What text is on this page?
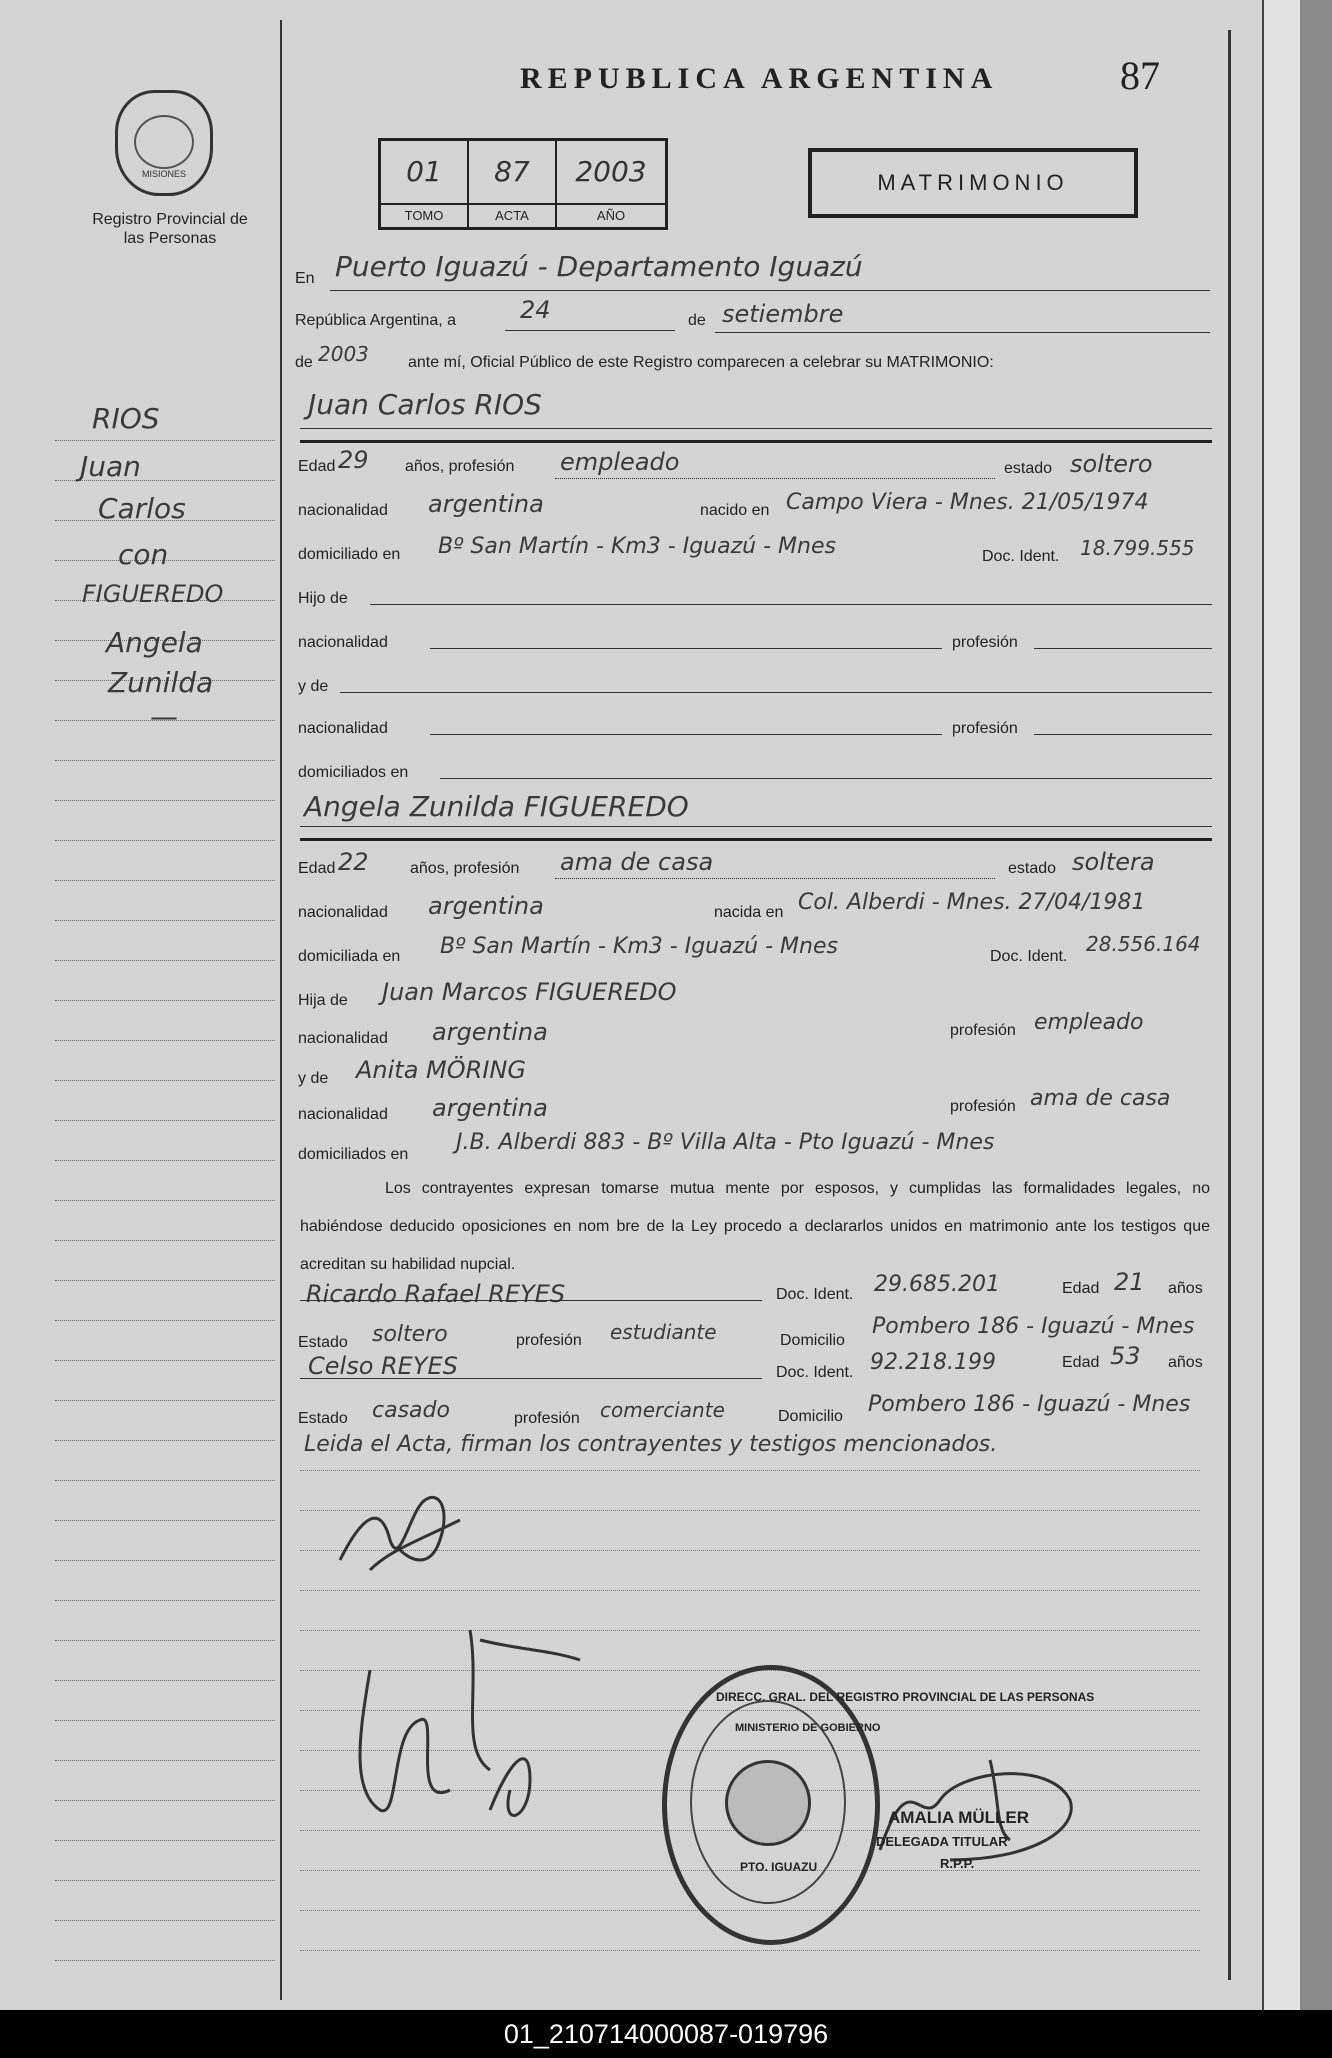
MISIONES
Registro Provincial de las Personas
REPUBLICA ARGENTINA	87
01
TOMO
87
ACTA
2003
AÑO
MATRIMONIO
RIOS
Juan
Carlos
con
FIGUEREDO
Angela
Zunilda
—
En Puerto Iguazú - Departamento Iguazú
República Argentina, a	24	de setiembre
de 2003 ante mí, Oficial Público de este Registro comparecen a celebrar su MATRIMONIO:
Juan Carlos RIOS
Edad 29 años, profesión empleado	estado soltero
nacionalidad argentina	nacido en Campo Viera - Mnes. 21/05/1974
domiciliado en Bº San Martín - Km3 - Iguazú - Mnes	Doc. Ident. 18.799.555
Hijo de
nacionalidad	profesión
y de
nacionalidad	profesión
domiciliados en
Angela Zunilda FIGUEREDO
Edad 22	años, profesión ama de casa	estado soltera
nacionalidad argentina	nacida en Col. Alberdi - Mnes. 27/04/1981
domiciliada en Bº San Martín - Km3 - Iguazú - Mnes	Doc. Ident.
28.556.164
Hija de Juan Marcos FIGUEREDO
nacionalidad argentina	profesión empleado
y de Anita MÖRING
nacionalidad argentina	profesión ama de casa
domiciliados en J.B. Alberdi 883 - Bº Villa Alta - Pto Iguazú - Mnes
Los contrayentes expresan tomarse mutua mente por esposos, y cumplidas las formalidades legales, no habiéndose deducido oposiciones en nom bre de la Ley procedo a declararlos unidos en matrimonio ante los testigos que acreditan su habilidad nupcial.
Ricardo Rafael REYES	Doc. Ident. 29.685.201	Edad 21 años
Estado soltero	profesión estudiante	Domicilio
Pombero 186 - Iguazú - Mnes
Celso REYES	Doc. Ident. 92.218.199	Edad 53 años
Estado casado	profesión comerciante	Domicilio Pombero 186 - Iguazú - Mnes
Leida el Acta, firman los contrayentes y testigos mencionados.
DIRECC. GRAL. DEL REGISTRO PROVINCIAL DE LAS PERSONAS
MINISTERIO DE GOBIERNO
PTO. IGUAZU
AMALIA MÜLLER
DELEGADA TITULAR
R.P.P.
01_210714000087-019796
